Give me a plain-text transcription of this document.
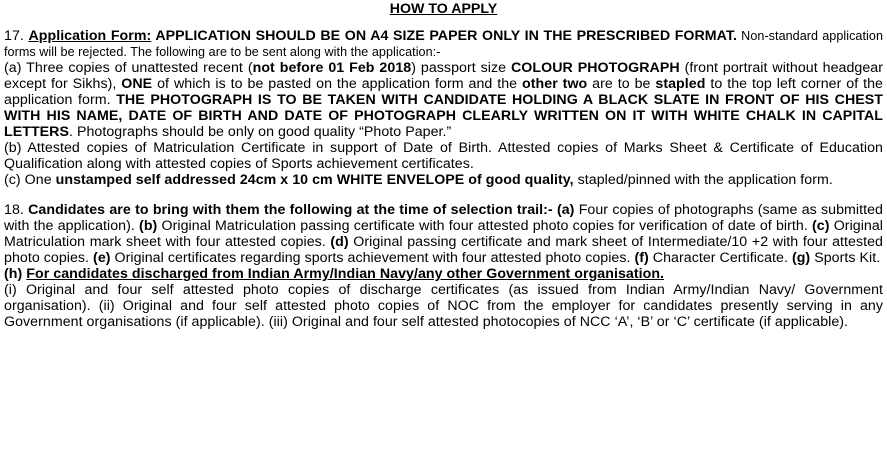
HOW TO APPLY

17. Application Form: APPLICATION SHOULD BE ON A4 SIZE PAPER ONLY IN THE PRESCRIBED FORMAT. Non-standard application forms will be rejected. The following are to be sent along with the application:-

(a) Three copies of unattested recent (not before 01 Feb 2018) passport size COLOUR PHOTOGRAPH (front portrait without headgear except for Sikhs), ONE of which is to be pasted on the application form and the other two are to be stapled to the top left corner of the application form. THE PHOTOGRAPH IS TO BE TAKEN WITH CANDIDATE HOLDING A BLACK SLATE IN FRONT OF HIS CHEST WITH HIS NAME, DATE OF BIRTH AND DATE OF PHOTOGRAPH CLEARLY WRITTEN ON IT WITH WHITE CHALK IN CAPITAL LETTERS. Photographs should be only on good quality “Photo Paper.”

(b) Attested copies of Matriculation Certificate in support of Date of Birth. Attested copies of Marks Sheet & Certificate of Education Qualification along with attested copies of Sports achievement certificates.

(c) One unstamped self addressed 24cm x 10 cm WHITE ENVELOPE of good quality, stapled/pinned with the application form.

18. Candidates are to bring with them the following at the time of selection trail:- (a) Four copies of photographs (same as submitted with the application). (b) Original Matriculation passing certificate with four attested photo copies for verification of date of birth. (c) Original Matriculation mark sheet with four attested copies. (d) Original passing certificate and mark sheet of Intermediate/10 +2 with four attested photo copies. (e) Original certificates regarding sports achievement with four attested photo copies. (f) Character Certificate. (g) Sports Kit.

(h) For candidates discharged from Indian Army/Indian Navy/any other Government organisation.

(i) Original and four self attested photo copies of discharge certificates (as issued from Indian Army/Indian Navy/ Government organisation). (ii) Original and four self attested photo copies of NOC from the employer for candidates presently serving in any Government organisations (if applicable). (iii) Original and four self attested photocopies of NCC ‘A’, ‘B’ or ‘C’ certificate (if applicable).
